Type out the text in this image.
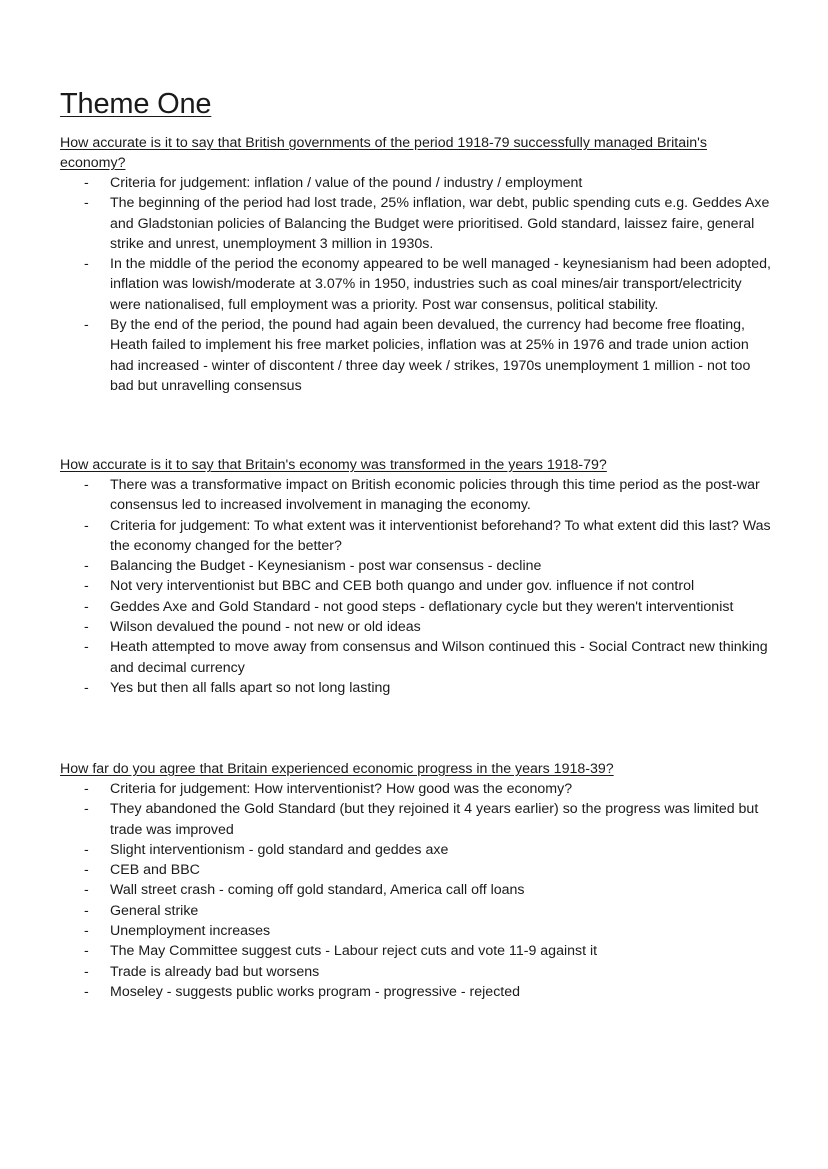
Theme One
How accurate is it to say that British governments of the period 1918-79 successfully managed Britain's economy?
- Criteria for judgement: inflation / value of the pound / industry / employment
- The beginning of the period had lost trade, 25% inflation, war debt, public spending cuts e.g. Geddes Axe and Gladstonian policies of Balancing the Budget were prioritised. Gold standard, laissez faire, general strike and unrest, unemployment 3 million in 1930s.
- In the middle of the period the economy appeared to be well managed - keynesianism had been adopted, inflation was lowish/moderate at 3.07% in 1950, industries such as coal mines/air transport/electricity were nationalised, full employment was a priority. Post war consensus, political stability.
- By the end of the period, the pound had again been devalued, the currency had become free floating, Heath failed to implement his free market policies, inflation was at 25% in 1976 and trade union action had increased - winter of discontent / three day week / strikes, 1970s unemployment 1 million - not too bad but unravelling consensus
How accurate is it to say that Britain's economy was transformed in the years 1918-79?
- There was a transformative impact on British economic policies through this time period as the post-war consensus led to increased involvement in managing the economy.
- Criteria for judgement: To what extent was it interventionist beforehand? To what extent did this last? Was the economy changed for the better?
- Balancing the Budget - Keynesianism - post war consensus - decline
- Not very interventionist but BBC and CEB both quango and under gov. influence if not control
- Geddes Axe and Gold Standard - not good steps - deflationary cycle but they weren't interventionist
- Wilson devalued the pound - not new or old ideas
- Heath attempted to move away from consensus and Wilson continued this - Social Contract new thinking and decimal currency
- Yes but then all falls apart so not long lasting
How far do you agree that Britain experienced economic progress in the years 1918-39?
- Criteria for judgement: How interventionist? How good was the economy?
- They abandoned the Gold Standard (but they rejoined it 4 years earlier) so the progress was limited but trade was improved
- Slight interventionism - gold standard and geddes axe
- CEB and BBC
- Wall street crash - coming off gold standard, America call off loans
- General strike
- Unemployment increases
- The May Committee suggest cuts - Labour reject cuts and vote 11-9 against it
- Trade is already bad but worsens
- Moseley - suggests public works program - progressive - rejected
